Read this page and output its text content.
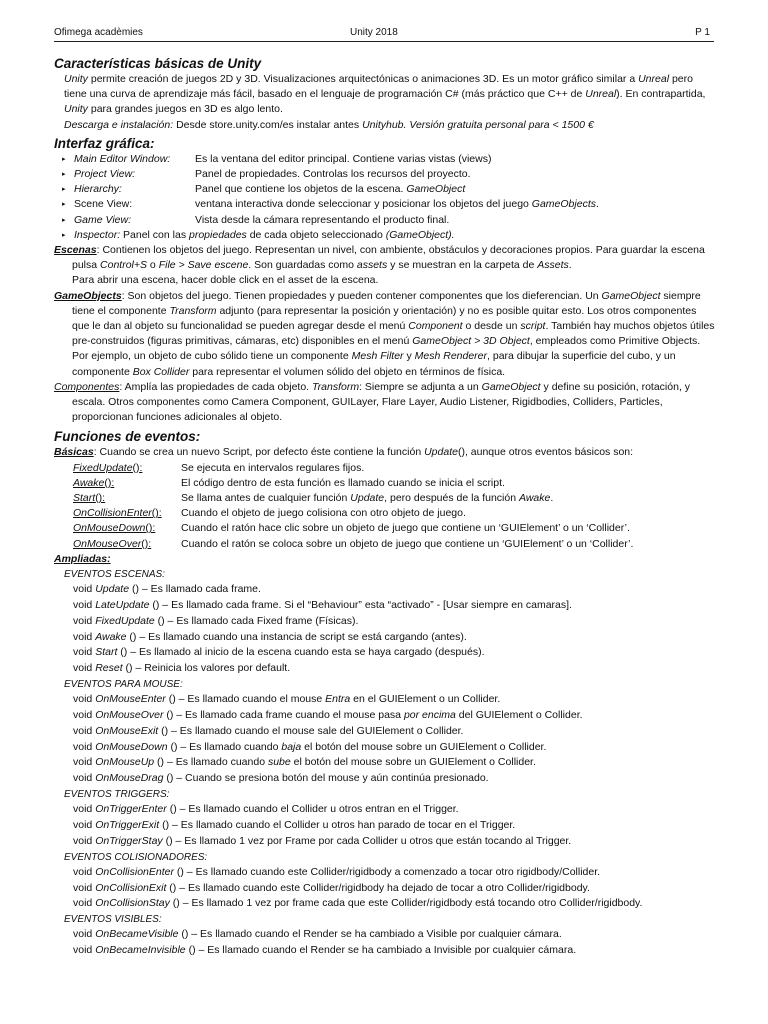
Ofimega acadèmies	Unity 2018	P 1
Características básicas de Unity
Unity permite creación de juegos 2D y 3D. Visualizaciones arquitectónicas o animaciones 3D. Es un motor gráfico similar a Unreal pero tiene una curva de aprendizaje más fácil, basado en el lenguaje de programación C# (más práctico que C++ de Unreal). En contrapartida, Unity para grandes juegos en 3D es algo lento.
Descarga e instalación: Desde store.unity.com/es instalar antes Unityhub. Versión gratuita personal para < 1500 €
Interfaz gráfica:
▸ Main Editor Window: Es la ventana del editor principal. Contiene varias vistas (views)
▸ Project View:	Panel de propiedades. Controlas los recursos del proyecto.
▸ Hierarchy:	Panel que contiene los objetos de la escena. GameObject
▸ Scene View:	ventana interactiva donde seleccionar y posicionar los objetos del juego GameObjects.
▸ Game View:	Vista desde la cámara representando el producto final.
▸ Inspector: Panel con las propiedades de cada objeto seleccionado (GameObject).
Escenas: Contienen los objetos del juego. Representan un nivel, con ambiente, obstáculos y decoraciones propios. Para guardar la escena pulsa Control+S o File > Save escene. Son guardadas como assets y se muestran en la carpeta de Assets.
Para abrir una escena, hacer doble click en el asset de la escena.
GameObjects: Son objetos del juego. Tienen propiedades y pueden contener componentes que los dieferencian. Un GameObject siempre tiene el componente Transform adjunto (para representar la posición y orientación) y no es posible quitar esto. Los otros componentes que le dan al objeto su funcionalidad se pueden agregar desde el menú Component o desde un script. También hay muchos objetos útiles pre-construidos (figuras primitivas, cámaras, etc) disponibles en el menú GameObject > 3D Object, empleados como Primitive Objects.
Por ejemplo, un objeto de cubo sólido tiene un componente Mesh Filter y Mesh Renderer, para dibujar la superficie del cubo, y un componente Box Collider para representar el volumen sólido del objeto en términos de física.
Componentes: Amplía las propiedades de cada objeto. Transform: Siempre se adjunta a un GameObject y define su posición, rotación, y escala. Otros componentes como Camera Component, GUILayer, Flare Layer, Audio Listener, Rigidbodies, Colliders, Particles, proporcionan funciones adicionales al objeto.
Funciones de eventos:
Básicas: Cuando se crea un nuevo Script, por defecto éste contiene la función Update(), aunque otros eventos básicos son:
FixedUpdate():	Se ejecuta en intervalos regulares fijos.
Awake():	El código dentro de esta función es llamado cuando se inicia el script.
Start():	Se llama antes de cualquier función Update, pero después de la función Awake.
OnCollisionEnter(): Cuando el objeto de juego colisiona con otro objeto de juego.
OnMouseDown(): Cuando el ratón hace clic sobre un objeto de juego que contiene un ‘GUIElement’ o un ‘Collider’.
OnMouseOver():	Cuando el ratón se coloca sobre un objeto de juego que contiene un ‘GUIElement’ o un ‘Collider’.
Ampliadas:
EVENTOS ESCENAS:
void Update () – Es llamado cada frame.
void LateUpdate () – Es llamado cada frame. Si el “Behaviour” esta “activado” - [Usar siempre en camaras].
void FixedUpdate () – Es llamado cada Fixed frame (Físicas).
void Awake () – Es llamado cuando una instancia de script se está cargando (antes).
void Start () – Es llamado al inicio de la escena cuando esta se haya cargado (después).
void Reset () – Reinicia los valores por default.
EVENTOS PARA MOUSE:
void OnMouseEnter () – Es llamado cuando el mouse Entra en el GUIElement o un Collider.
void OnMouseOver () – Es llamado cada frame cuando el mouse pasa por encima del GUIElement o Collider.
void OnMouseExit () – Es llamado cuando el mouse sale del GUIElement o Collider.
void OnMouseDown () – Es llamado cuando baja el botón del mouse sobre un GUIElement o Collider.
void OnMouseUp () – Es llamado cuando sube el botón del mouse sobre un GUIElement o Collider.
void OnMouseDrag () – Cuando se presiona botón del mouse y aún continúa presionado.
EVENTOS TRIGGERS:
void OnTriggerEnter () – Es llamado cuando el Collider u otros entran en el Trigger.
void OnTriggerExit () – Es llamado cuando el Collider u otros han parado de tocar en el Trigger.
void OnTriggerStay () – Es llamado 1 vez por Frame por cada Collider u otros que están tocando al Trigger.
EVENTOS COLISIONADORES:
void OnCollisionEnter () – Es llamado cuando este Collider/rigidbody a comenzado a tocar otro rigidbody/Collider.
void OnCollisionExit () – Es llamado cuando este Collider/rigidbody ha dejado de tocar a otro Collider/rigidbody.
void OnCollisionStay () – Es llamado 1 vez por frame cada que este Collider/rigidbody está tocando otro Collider/rigidbody.
EVENTOS VISIBLES:
void OnBecameVisible () – Es llamado cuando el Render se ha cambiado a Visible por cualquier cámara.
void OnBecameInvisible () – Es llamado cuando el Render se ha cambiado a Invisible por cualquier cámara.
